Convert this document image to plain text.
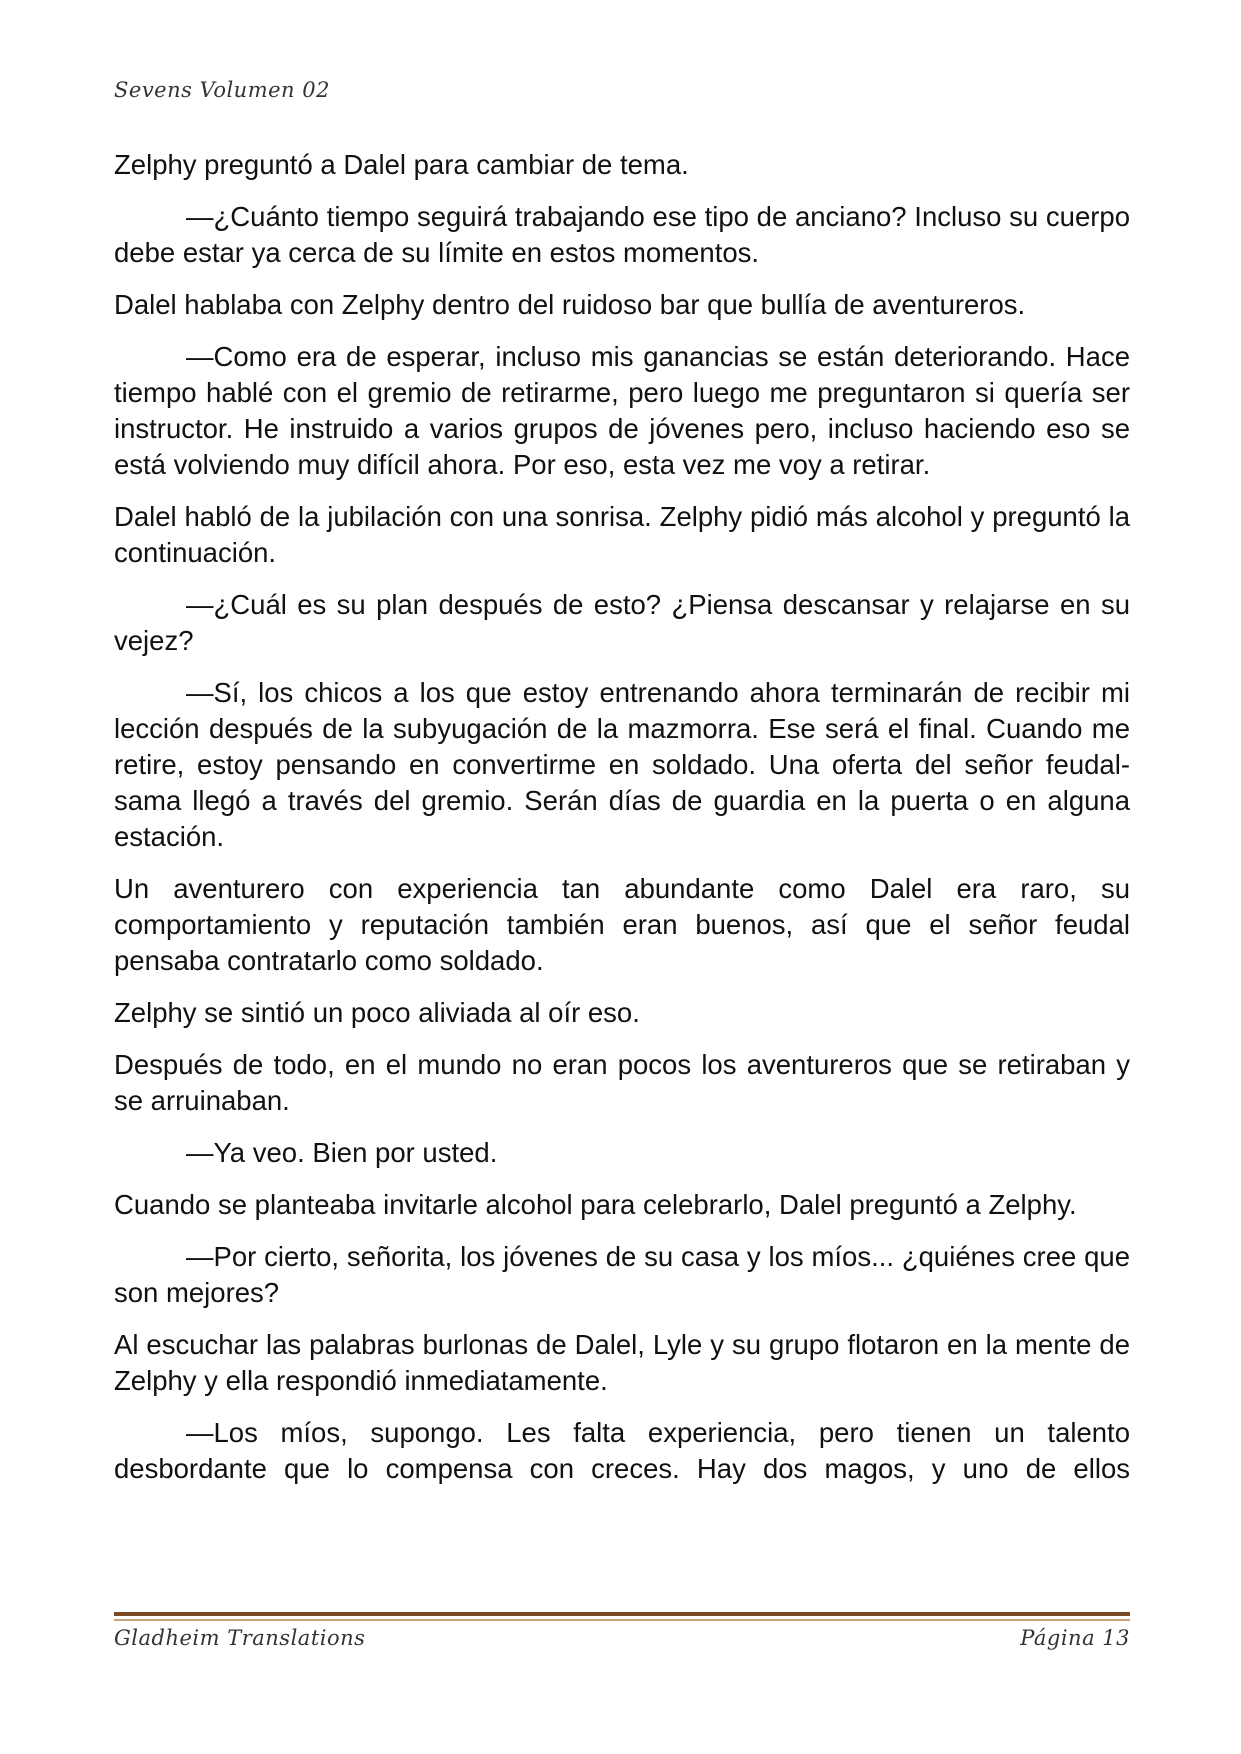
Sevens Volumen 02

Zelphy preguntó a Dalel para cambiar de tema.

—¿Cuánto tiempo seguirá trabajando ese tipo de anciano? Incluso su cuerpo debe estar ya cerca de su límite en estos momentos.

Dalel hablaba con Zelphy dentro del ruidoso bar que bullía de aventureros.

—Como era de esperar, incluso mis ganancias se están deteriorando. Hace tiempo hablé con el gremio de retirarme, pero luego me preguntaron si quería ser instructor. He instruido a varios grupos de jóvenes pero, incluso haciendo eso se está volviendo muy difícil ahora. Por eso, esta vez me voy a retirar.

Dalel habló de la jubilación con una sonrisa. Zelphy pidió más alcohol y preguntó la continuación.

—¿Cuál es su plan después de esto? ¿Piensa descansar y relajarse en su vejez?

—Sí, los chicos a los que estoy entrenando ahora terminarán de recibir mi lección después de la subyugación de la mazmorra. Ese será el final. Cuando me retire, estoy pensando en convertirme en soldado. Una oferta del señor feudal-sama llegó a través del gremio. Serán días de guardia en la puerta o en alguna estación.

Un aventurero con experiencia tan abundante como Dalel era raro, su comportamiento y reputación también eran buenos, así que el señor feudal pensaba contratarlo como soldado.

Zelphy se sintió un poco aliviada al oír eso.

Después de todo, en el mundo no eran pocos los aventureros que se retiraban y se arruinaban.

—Ya veo. Bien por usted.

Cuando se planteaba invitarle alcohol para celebrarlo, Dalel preguntó a Zelphy.

—Por cierto, señorita, los jóvenes de su casa y los míos... ¿quiénes cree que son mejores?

Al escuchar las palabras burlonas de Dalel, Lyle y su grupo flotaron en la mente de Zelphy y ella respondió inmediatamente.

—Los míos, supongo. Les falta experiencia, pero tienen un talento desbordante que lo compensa con creces. Hay dos magos, y uno de ellos

Gladheim Translations	Página 13
